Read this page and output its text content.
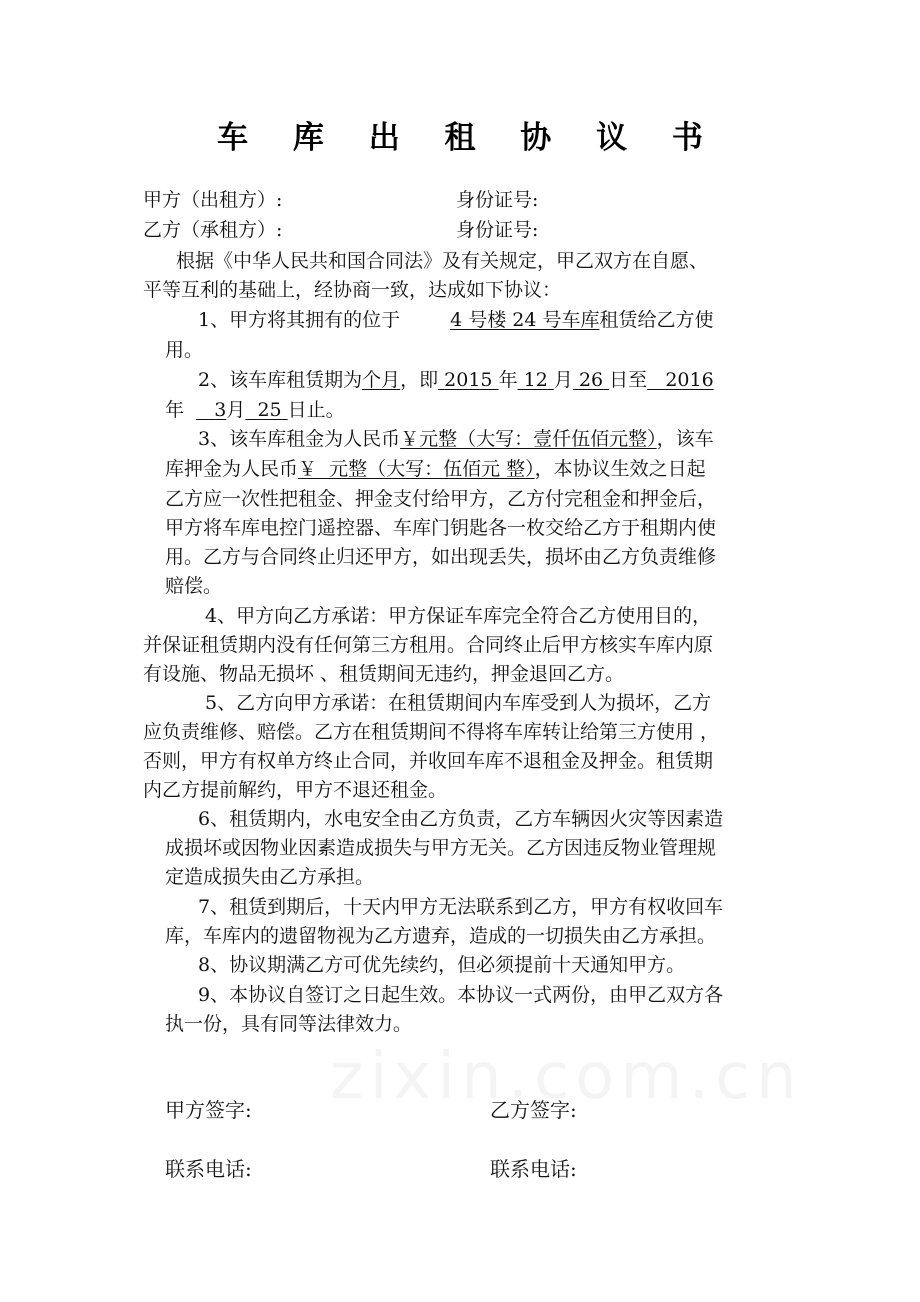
车 库 出 租 协 议 书
甲方（出租方）:	身份证号:
乙方（承租方）:	身份证号:
根据《中华人民共和国合同法》及有关规定，甲乙双方在自愿、
平等互利的基础上，经协商一致，达成如下协议：
1、甲方将其拥有的位于	4 号楼 24 号车库租赁给乙方使
用。
2、该车库租赁期为个月，即 2015 年 12 月 26 日至 2016
年 3月 25 日止。
3、该车库租金为人民币￥元整（大写：壹仟伍佰元整），该车
库押金为人民币￥  元整（大写：伍佰元 整），本协议生效之日起
乙方应一次性把租金、押金支付给甲方，乙方付完租金和押金后，
甲方将车库电控门遥控器、车库门钥匙各一枚交给乙方于租期内使
用。乙方与合同终止归还甲方，如出现丢失，损坏由乙方负责维修
赔偿。
4、甲方向乙方承诺：甲方保证车库完全符合乙方使用目的，
并保证租赁期内没有任何第三方租用。合同终止后甲方核实车库内原
有设施、物品无损坏 、租赁期间无违约，押金退回乙方。
5、乙方向甲方承诺：在租赁期间内车库受到人为损坏，乙方
应负责维修、赔偿。乙方在租赁期间不得将车库转让给第三方使用 ，
否则，甲方有权单方终止合同，并收回车库不退租金及押金。租赁期
内乙方提前解约，甲方不退还租金。
6、租赁期内，水电安全由乙方负责，乙方车辆因火灾等因素造
成损坏或因物业因素造成损失与甲方无关。乙方因违反物业管理规
定造成损失由乙方承担。
7、租赁到期后，十天内甲方无法联系到乙方，甲方有权收回车
库，车库内的遗留物视为乙方遗弃，造成的一切损失由乙方承担。
8、协议期满乙方可优先续约，但必须提前十天通知甲方。
9、本协议自签订之日起生效。本协议一式两份，由甲乙双方各
执一份，具有同等法律效力。
甲方签字:	乙方签字:
联系电话:	联系电话:
